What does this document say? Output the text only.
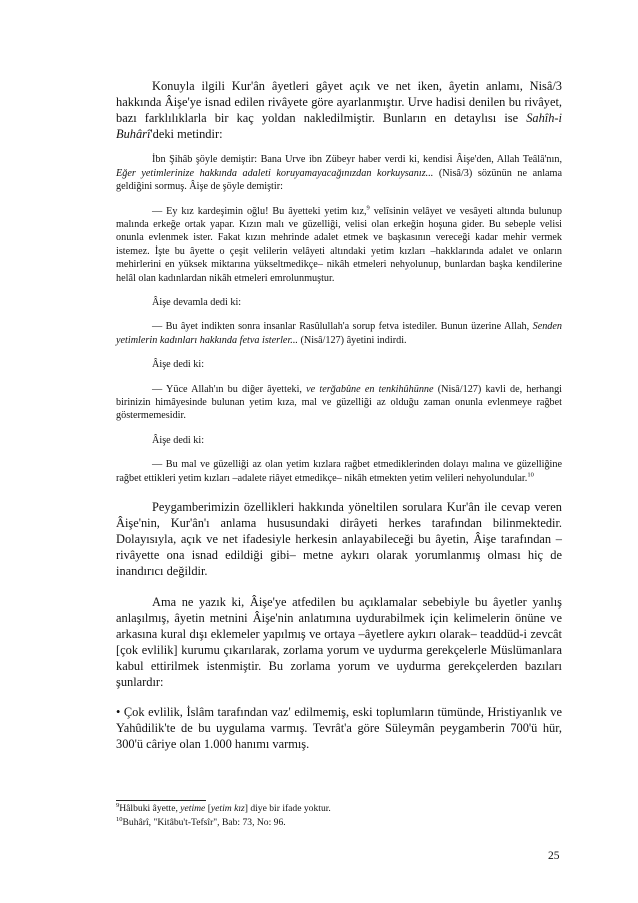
Konuyla ilgili Kur'ân âyetleri gâyet açık ve net iken, âyetin anlamı, Nisâ/3 hakkında Âişe'ye isnad edilen rivâyete göre ayarlanmıştır. Urve hadisi denilen bu rivâyet, bazı farklılıklarla bir kaç yoldan nakledilmiştir. Bunların en detaylısı ise Sahîh-i Buhârî'deki metindir:

İbn Şihâb şöyle demiştir: Bana Urve ibn Zübeyr haber verdi ki, kendisi Âişe'den, Allah Teâlâ'nın, Eğer yetimlerinize hakkında adaleti koruyamayacağınızdan korkuysanız... (Nisâ/3) sözünün ne anlama geldiğini sormuş. Âişe de şöyle demiştir:

— Ey kız kardeşimin oğlu! Bu âyetteki yetim kız,$^9$ velîsinin velâyet ve vesâyeti altında bulunup malında erkeğe ortak yapar. Kızın malı ve güzelliği, velisi olan erkeğin hoşuna gider. Bu sebeple velisi onunla evlenmek ister. Fakat kızın mehrinde adalet etmek ve başkasının vereceği kadar mehir vermek istemez. İşte bu âyette o çeşit velilerin velâyeti altındaki yetim kızları –hakklarında adalet ve onların mehirlerini en yüksek miktarına yükseltmedikçe– nikâh etmeleri nehyolunup, bunlardan başka kendilerine helâl olan kadınlardan nikâh etmeleri emrolunmuştur.

Âişe devamla dedi ki:

— Bu âyet indikten sonra insanlar Rasûlullah'a sorup fetva istediler. Bunun üzerine Allah, Senden yetimlerin kadınları hakkında fetva isterler... (Nisâ/127) âyetini indirdi.

Âişe dedi ki:

— Yüce Allah'ın bu diğer âyetteki, ve terğabûne en tenkihûhünne (Nisâ/127) kavli de, herhangi birinizin himâyesinde bulunan yetim kıza, mal ve güzelliği az olduğu zaman onunla evlenmeye rağbet göstermemesidir.

Âişe dedi ki:

— Bu mal ve güzelliği az olan yetim kızlara rağbet etmediklerinden dolayı malına ve güzelliğine rağbet ettikleri yetim kızları –adalete riâyet etmedikçe– nikâh etmekten yetim velileri nehyolundular.$^{10}$

Peygamberimizin özellikleri hakkında yöneltilen sorulara Kur'ân ile cevap veren Âişe'nin, Kur'ân'ı anlama hususundaki dirâyeti herkes tarafından bilinmektedir. Dolayısıyla, açık ve net ifadesiyle herkesin anlayabileceği bu âyetin, Âişe tarafından – rivâyette ona isnad edildiği gibi– metne aykırı olarak yorumlanmış olması hiç de inandırıcı değildir.

Ama ne yazık ki, Âişe'ye atfedilen bu açıklamalar sebebiyle bu âyetler yanlış anlaşılmış, âyetin metnini Âişe'nin anlatımına uydurabilmek için kelimelerin önüne ve arkasına kural dışı eklemeler yapılmış ve ortaya –âyetlere aykırı olarak– teaddüd-i zevcât [çok evlilik] kurumu çıkarılarak, zorlama yorum ve uydurma gerekçelerle Müslümanlara kabul ettirilmek istenmiştir. Bu zorlama yorum ve uydurma gerekçelerden bazıları şunlardır:

• Çok evlilik, İslâm tarafından vaz' edilmemiş, eski toplumların tümünde, Hristiyanlık ve Yahûdilik'te de bu uygulama varmış. Tevrât'a göre Süleymân peygamberin 700'ü hür, 300'ü câriye olan 1.000 hanımı varmış.

$^9$Hâlbuki âyette, yetime [yetim kız] diye bir ifade yoktur.
$^{10}$Buhârî, "Kitâbu't-Tefsîr", Bab: 73, No: 96.
25
